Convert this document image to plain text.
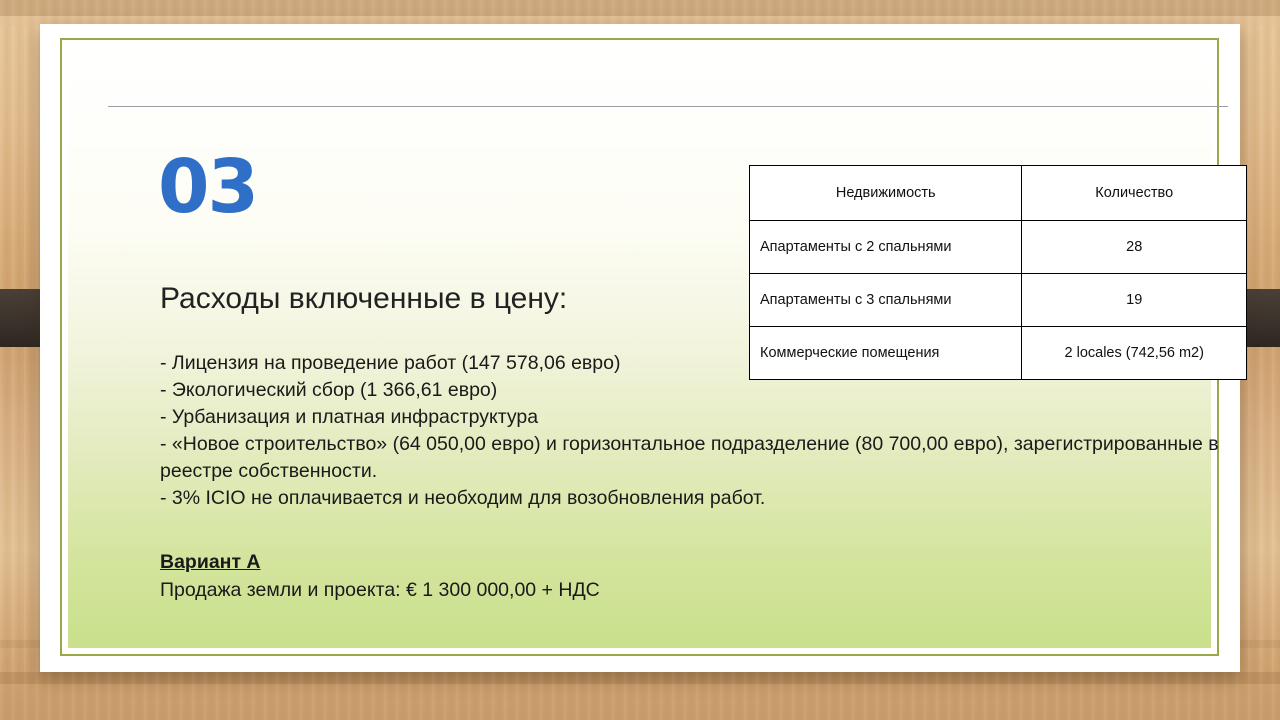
03
Расходы включенные в цену:
- Лицензия на проведение работ (147 578,06 евро)
- Экологический сбор (1 366,61 евро)
- Урбанизация и платная инфраструктура
- «Новое строительство» (64 050,00 евро) и горизонтальное подразделение (80 700,00 евро), зарегистрированные в реестре собственности.
- 3% ICIO не оплачивается и необходим для возобновления работ.
Вариант А
Продажа земли и проекта: € 1 300 000,00 + НДС
Недвижимость	Количество
Апартаменты с 2 спальнями	28
Апартаменты с 3 спальнями	19
Коммерческие помещения	2 locales (742,56 m2)
